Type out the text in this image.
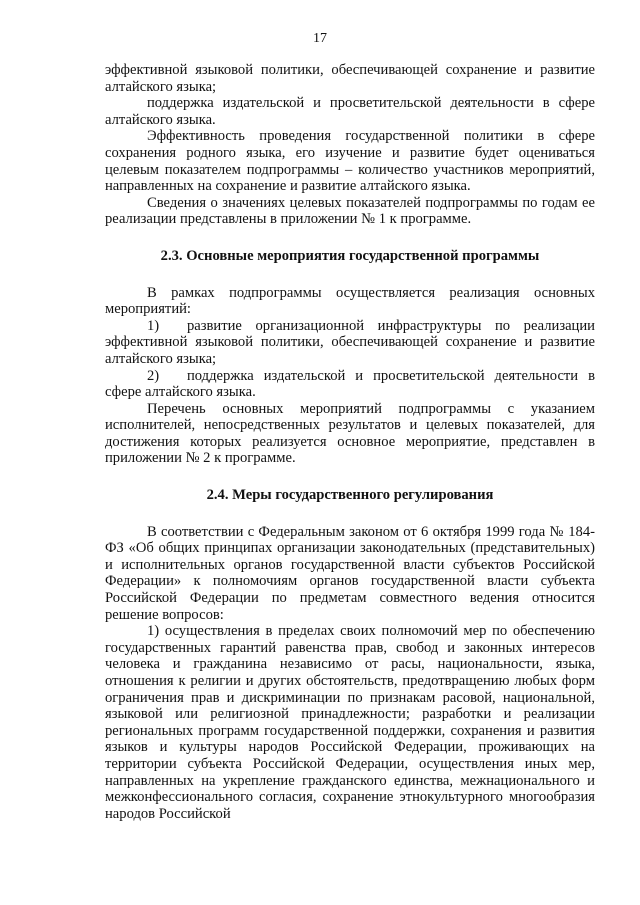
17

эффективной языковой политики, обеспечивающей сохранение и развитие алтайского языка;

поддержка издательской и просветительской деятельности в сфере алтайского языка.

Эффективность проведения государственной политики в сфере сохранения родного языка, его изучение и развитие будет оцениваться целевым показателем подпрограммы – количество участников мероприятий, направленных на сохранение и развитие алтайского языка.

Сведения о значениях целевых показателей подпрограммы по годам ее реализации представлены в приложении № 1 к программе.

2.3. Основные мероприятия государственной программы

В рамках подпрограммы осуществляется реализация основных мероприятий:

1) развитие организационной инфраструктуры по реализации эффективной языковой политики, обеспечивающей сохранение и развитие алтайского языка;

2) поддержка издательской и просветительской деятельности в сфере алтайского языка.

Перечень основных мероприятий подпрограммы с указанием исполнителей, непосредственных результатов и целевых показателей, для достижения которых реализуется основное мероприятие, представлен в приложении № 2 к программе.

2.4. Меры государственного регулирования

В соответствии с Федеральным законом от 6 октября 1999 года № 184-ФЗ «Об общих принципах организации законодательных (представительных) и исполнительных органов государственной власти субъектов Российской Федерации» к полномочиям органов государственной власти субъекта Российской Федерации по предметам совместного ведения относится решение вопросов:

1) осуществления в пределах своих полномочий мер по обеспечению государственных гарантий равенства прав, свобод и законных интересов человека и гражданина независимо от расы, национальности, языка, отношения к религии и других обстоятельств, предотвращению любых форм ограничения прав и дискриминации по признакам расовой, национальной, языковой или религиозной принадлежности; разработки и реализации региональных программ государственной поддержки, сохранения и развития языков и культуры народов Российской Федерации, проживающих на территории субъекта Российской Федерации, осуществления иных мер, направленных на укрепление гражданского единства, межнационального и межконфессионального согласия, сохранение этнокультурного многообразия народов Российской
